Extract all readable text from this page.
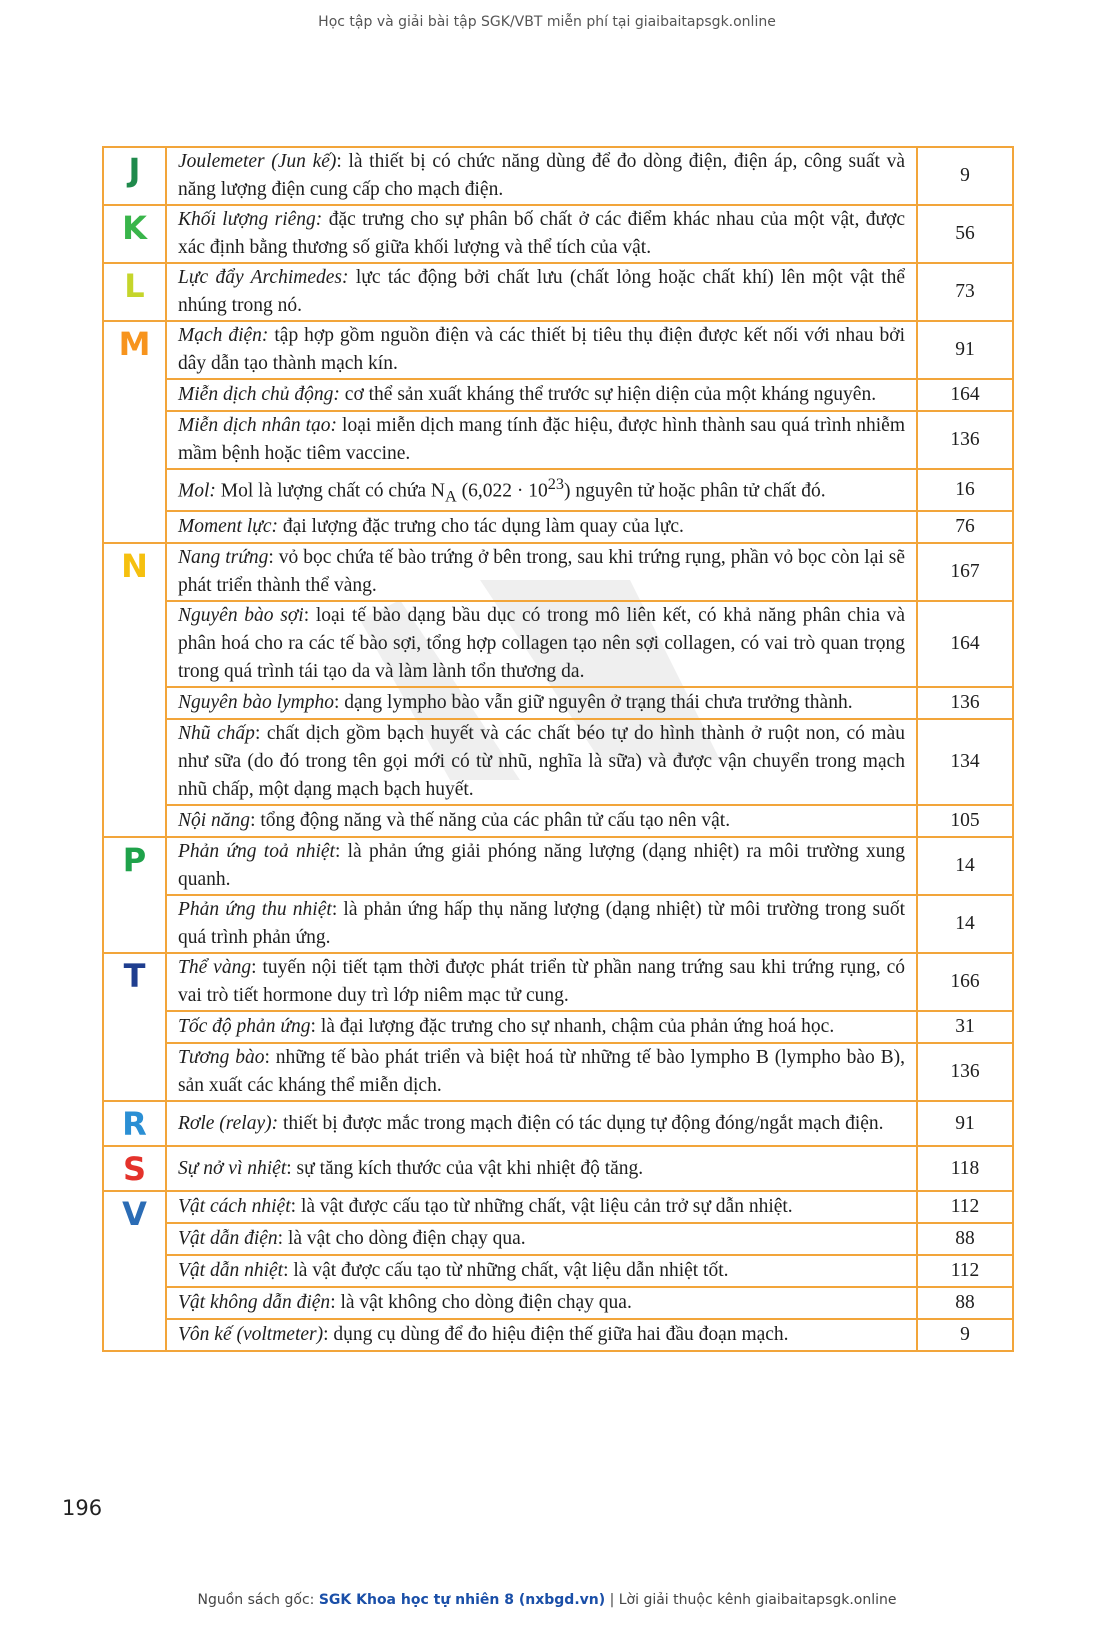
Học tập và giải bài tập SGK/VBT miễn phí tại giaibaitapsgk.online
J	Joulemeter (Jun kế): là thiết bị có chức năng dùng để đo dòng điện, điện áp, công suất và năng lượng điện cung cấp cho mạch điện.	9
K	Khối lượng riêng: đặc trưng cho sự phân bố chất ở các điểm khác nhau của một vật, được xác định bằng thương số giữa khối lượng và thể tích của vật.	56
L	Lực đẩy Archimedes: lực tác động bởi chất lưu (chất lỏng hoặc chất khí) lên một vật thể nhúng trong nó.	73
M	Mạch điện: tập hợp gồm nguồn điện và các thiết bị tiêu thụ điện được kết nối với nhau bởi dây dẫn tạo thành mạch kín.	91
	Miễn dịch chủ động: cơ thể sản xuất kháng thể trước sự hiện diện của một kháng nguyên.	164
	Miễn dịch nhân tạo: loại miễn dịch mang tính đặc hiệu, được hình thành sau quá trình nhiễm mầm bệnh hoặc tiêm vaccine.	136
	Mol: Mol là lượng chất có chứa $N_A$ $(6,022 \cdot 10^{23})$ nguyên tử hoặc phân tử chất đó.	16
	Moment lực: đại lượng đặc trưng cho tác dụng làm quay của lực.	76
N	Nang trứng: vỏ bọc chứa tế bào trứng ở bên trong, sau khi trứng rụng, phần vỏ bọc còn lại sẽ phát triển thành thể vàng.	167
	Nguyên bào sợi: loại tế bào dạng bầu dục có trong mô liên kết, có khả năng phân chia và phân hoá cho ra các tế bào sợi, tổng hợp collagen tạo nên sợi collagen, có vai trò quan trọng trong quá trình tái tạo da và làm lành tổn thương da.	164
	Nguyên bào lympho: dạng lympho bào vẫn giữ nguyên ở trạng thái chưa trưởng thành.	136
	Nhũ chấp: chất dịch gồm bạch huyết và các chất béo tự do hình thành ở ruột non, có màu như sữa (do đó trong tên gọi mới có từ nhũ, nghĩa là sữa) và được vận chuyển trong mạch nhũ chấp, một dạng mạch bạch huyết.	134
	Nội năng: tổng động năng và thế năng của các phân tử cấu tạo nên vật.	105
P	Phản ứng toả nhiệt: là phản ứng giải phóng năng lượng (dạng nhiệt) ra môi trường xung quanh.	14
	Phản ứng thu nhiệt: là phản ứng hấp thụ năng lượng (dạng nhiệt) từ môi trường trong suốt quá trình phản ứng.	14
T	Thể vàng: tuyến nội tiết tạm thời được phát triển từ phần nang trứng sau khi trứng rụng, có vai trò tiết hormone duy trì lớp niêm mạc tử cung.	166
	Tốc độ phản ứng: là đại lượng đặc trưng cho sự nhanh, chậm của phản ứng hoá học.	31
	Tương bào: những tế bào phát triển và biệt hoá từ những tế bào lympho B (lympho bào B), sản xuất các kháng thể miễn dịch.	136
R	Rơle (relay): thiết bị được mắc trong mạch điện có tác dụng tự động đóng/ngắt mạch điện.	91
S	Sự nở vì nhiệt: sự tăng kích thước của vật khi nhiệt độ tăng.	118
V	Vật cách nhiệt: là vật được cấu tạo từ những chất, vật liệu cản trở sự dẫn nhiệt.	112
	Vật dẫn điện: là vật cho dòng điện chạy qua.	88
	Vật dẫn nhiệt: là vật được cấu tạo từ những chất, vật liệu dẫn nhiệt tốt.	112
	Vật không dẫn điện: là vật không cho dòng điện chạy qua.	88
	Vôn kế (voltmeter): dụng cụ dùng để đo hiệu điện thế giữa hai đầu đoạn mạch.	9
196
Nguồn sách gốc: SGK Khoa học tự nhiên 8 (nxbgd.vn) | Lời giải thuộc kênh giaibaitapsgk.online
